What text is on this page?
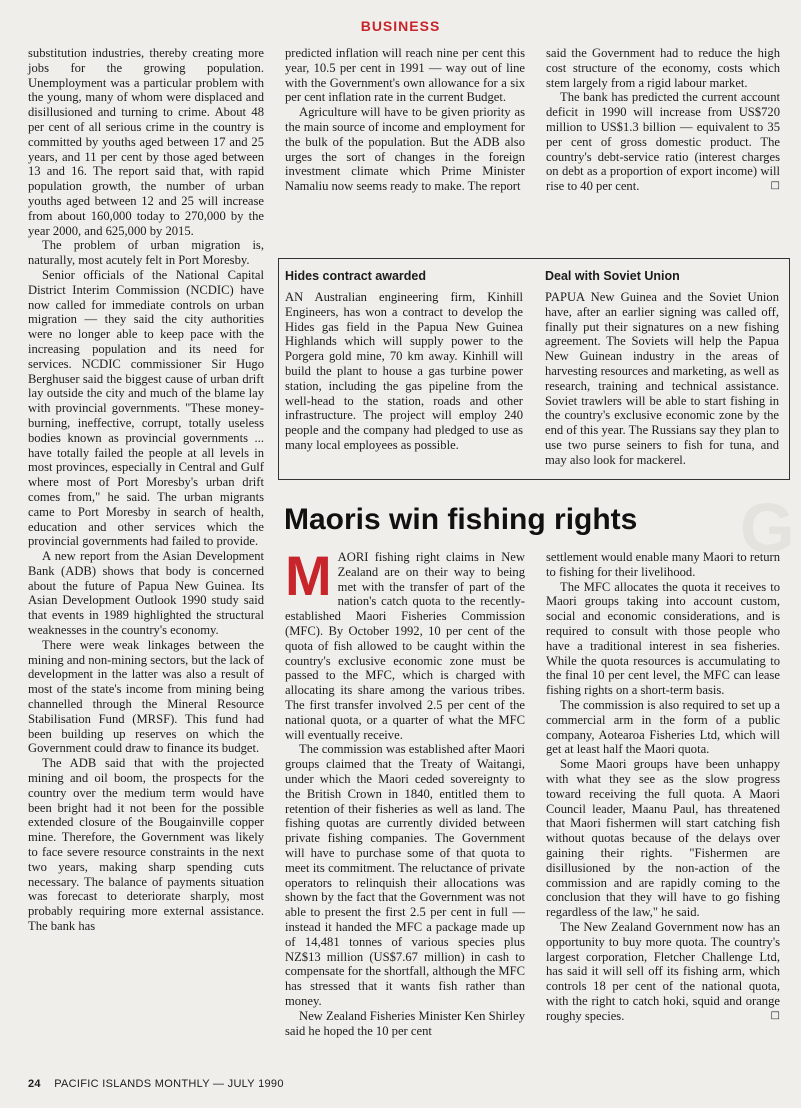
BUSINESS

substitution industries, thereby creating more jobs for the growing population. Unemployment was a particular problem with the young, many of whom were displaced and disillusioned and turning to crime. About 48 per cent of all serious crime in the country is committed by youths aged between 17 and 25 years, and 11 per cent by those aged between 13 and 16. The report said that, with rapid population growth, the number of urban youths aged between 12 and 25 will increase from about 160,000 today to 270,000 by the year 2000, and 625,000 by 2015.

The problem of urban migration is, naturally, most acutely felt in Port Moresby.

Senior officials of the National Capital District Interim Commission (NCDIC) have now called for immediate controls on urban migration — they said the city authorities were no longer able to keep pace with the increasing population and its need for services. NCDIC commissioner Sir Hugo Berghuser said the biggest cause of urban drift lay outside the city and much of the blame lay with provincial governments. "These money-burning, ineffective, corrupt, totally useless bodies known as provincial governments ... have totally failed the people at all levels in most provinces, especially in Central and Gulf where most of Port Moresby's urban drift comes from," he said. The urban migrants came to Port Moresby in search of health, education and other services which the provincial governments had failed to provide.

A new report from the Asian Development Bank (ADB) shows that body is concerned about the future of Papua New Guinea. Its Asian Development Outlook 1990 study said that events in 1989 highlighted the structural weaknesses in the country's economy.

There were weak linkages between the mining and non-mining sectors, but the lack of development in the latter was also a result of most of the state's income from mining being channelled through the Mineral Resource Stabilisation Fund (MRSF). This fund had been building up reserves on which the Government could draw to finance its budget.

The ADB said that with the projected mining and oil boom, the prospects for the country over the medium term would have been bright had it not been for the possible extended closure of the Bougainville copper mine. Therefore, the Government was likely to face severe resource constraints in the next two years, making sharp spending cuts necessary. The balance of payments situation was forecast to deteriorate sharply, most probably requiring more external assistance. The bank has

predicted inflation will reach nine per cent this year, 10.5 per cent in 1991 — way out of line with the Government's own allowance for a six per cent inflation rate in the current Budget.

Agriculture will have to be given priority as the main source of income and employment for the bulk of the population. But the ADB also urges the sort of changes in the foreign investment climate which Prime Minister Namaliu now seems ready to make. The report

said the Government had to reduce the high cost structure of the economy, costs which stem largely from a rigid labour market.

The bank has predicted the current account deficit in 1990 will increase from US$720 million to US$1.3 billion — equivalent to 35 per cent of gross domestic product. The country's debt-service ratio (interest charges on debt as a proportion of export income) will rise to 40 per cent.	□

Hides contract awarded

AN Australian engineering firm, Kinhill Engineers, has won a contract to develop the Hides gas field in the Papua New Guinea Highlands which will supply power to the Porgera gold mine, 70 km away. Kinhill will build the plant to house a gas turbine power station, including the gas pipeline from the well-head to the station, roads and other infrastructure. The project will employ 240 people and the company had pledged to use as many local employees as possible.

Deal with Soviet Union

PAPUA New Guinea and the Soviet Union have, after an earlier signing was called off, finally put their signatures on a new fishing agreement. The Soviets will help the Papua New Guinean industry in the areas of harvesting resources and marketing, as well as research, training and technical assistance. Soviet trawlers will be able to start fishing in the country's exclusive economic zone by the end of this year. The Russians say they plan to use two purse seiners to fish for tuna, and may also look for mackerel.

G
Maoris win fishing rights

MAORI fishing right claims in New Zealand are on their way to being met with the transfer of part of the nation's catch quota to the recently-established Maori Fisheries Commission (MFC). By October 1992, 10 per cent of the quota of fish allowed to be caught within the country's exclusive economic zone must be passed to the MFC, which is charged with allocating its share among the various tribes. The first transfer involved 2.5 per cent of the national quota, or a quarter of what the MFC will eventually receive.

The commission was established after Maori groups claimed that the Treaty of Waitangi, under which the Maori ceded sovereignty to the British Crown in 1840, entitled them to retention of their fisheries as well as land. The fishing quotas are currently divided between private fishing companies. The Government will have to purchase some of that quota to meet its commitment. The reluctance of private operators to relinquish their allocations was shown by the fact that the Government was not able to present the first 2.5 per cent in full — instead it handed the MFC a package made up of 14,481 tonnes of various species plus NZ$13 million (US$7.67 million) in cash to compensate for the shortfall, although the MFC has stressed that it wants fish rather than money.

New Zealand Fisheries Minister Ken Shirley said he hoped the 10 per cent

settlement would enable many Maori to return to fishing for their livelihood.

The MFC allocates the quota it receives to Maori groups taking into account custom, social and economic considerations, and is required to consult with those people who have a traditional interest in sea fisheries. While the quota resources is accumulating to the final 10 per cent level, the MFC can lease fishing rights on a short-term basis.

The commission is also required to set up a commercial arm in the form of a public company, Aotearoa Fisheries Ltd, which will get at least half the Maori quota.

Some Maori groups have been unhappy with what they see as the slow progress toward receiving the full quota. A Maori Council leader, Maanu Paul, has threatened that Maori fishermen will start catching fish without quotas because of the delays over gaining their rights. "Fishermen are disillusioned by the non-action of the commission and are rapidly coming to the conclusion that they will have to go fishing regardless of the law," he said.

The New Zealand Government now has an opportunity to buy more quota. The country's largest corporation, Fletcher Challenge Ltd, has said it will sell off its fishing arm, which controls 18 per cent of the national quota, with the right to catch hoki, squid and orange roughy species.	□

24 PACIFIC ISLANDS MONTHLY — JULY 1990
